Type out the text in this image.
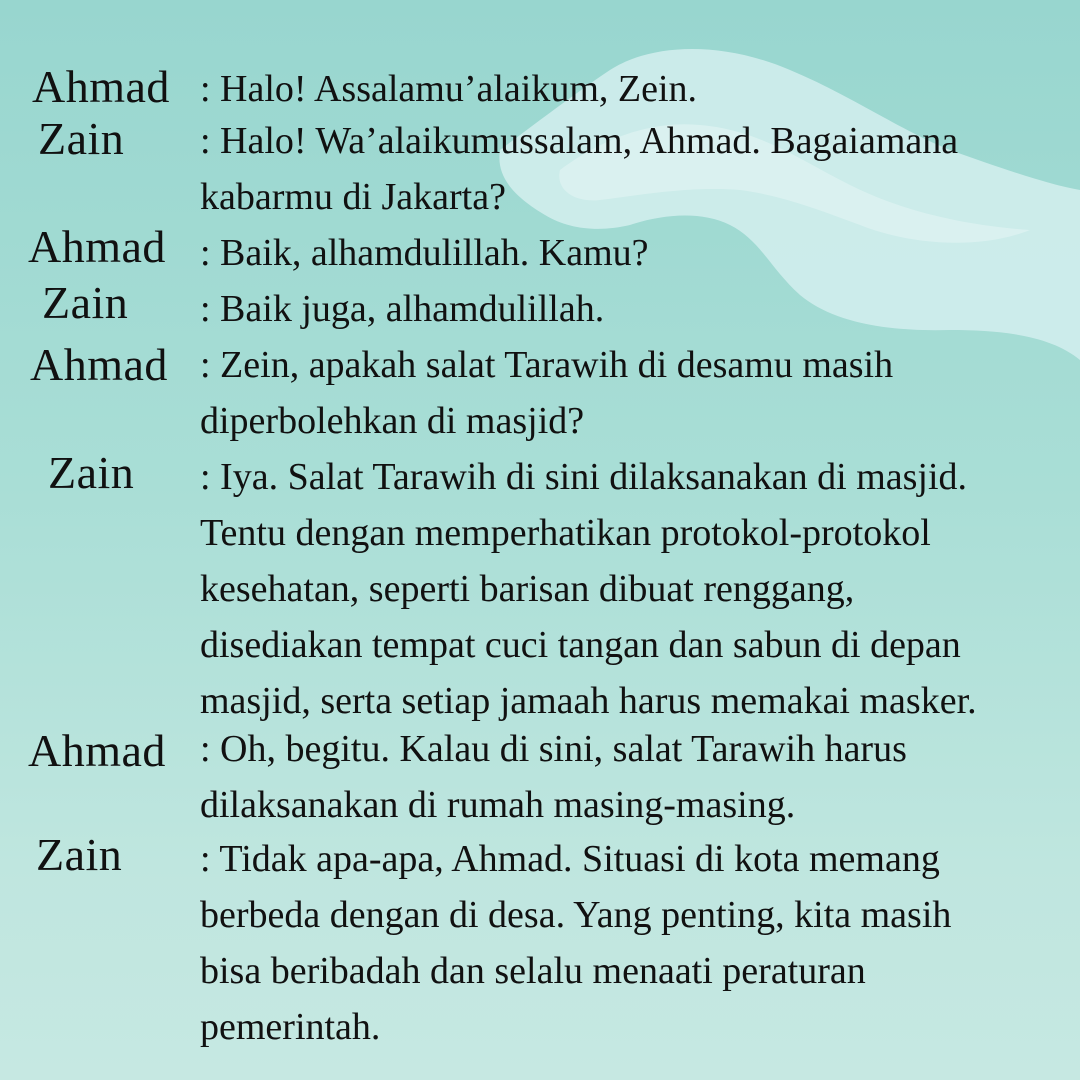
Ahmad : Halo! Assalamu’alaikum, Zein.
Zain : Halo! Wa’alaikumussalam, Ahmad. Bagaiamana
kabarmu di Jakarta?
Ahmad : Baik, alhamdulillah. Kamu?
Zain : Baik juga, alhamdulillah.
Ahmad : Zein, apakah salat Tarawih di desamu masih
diperbolehkan di masjid?
Zain : Iya. Salat Tarawih di sini dilaksanakan di masjid.
Tentu dengan memperhatikan protokol-protokol
kesehatan, seperti barisan dibuat renggang,
disediakan tempat cuci tangan dan sabun di depan
masjid, serta setiap jamaah harus memakai masker.
Ahmad : Oh, begitu. Kalau di sini, salat Tarawih harus
dilaksanakan di rumah masing-masing.
Zain : Tidak apa-apa, Ahmad. Situasi di kota memang
berbeda dengan di desa. Yang penting, kita masih
bisa beribadah dan selalu menaati peraturan
pemerintah.
